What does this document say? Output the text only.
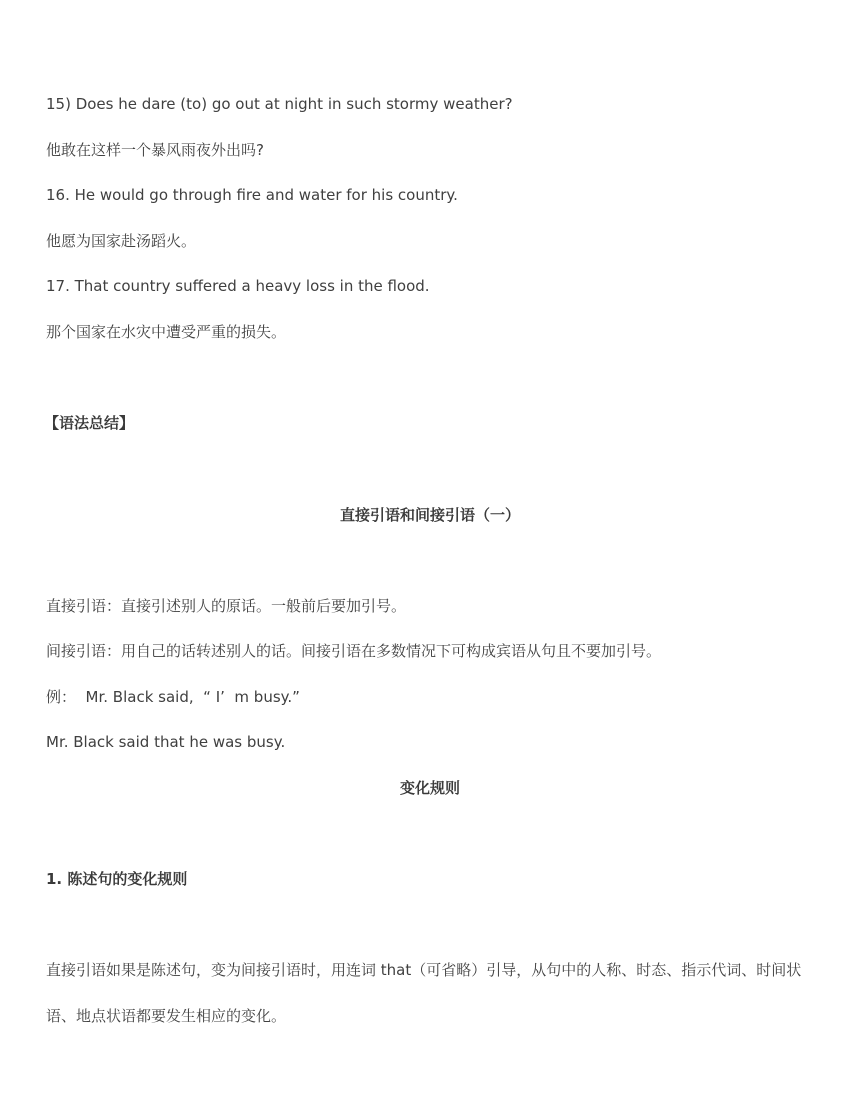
15) Does he dare (to) go out at night in such stormy weather?
他敢在这样一个暴风雨夜外出吗?
16. He would go through fire and water for his country.
他愿为国家赴汤蹈火。
17. That country suffered a heavy loss in the flood.
那个国家在水灾中遭受严重的损失。
【语法总结】
直接引语和间接引语（一）
直接引语：直接引述别人的原话。一般前后要加引号。
间接引语：用自己的话转述别人的话。间接引语在多数情况下可构成宾语从句且不要加引号。
例：  Mr. Black said,  “ I’  m busy.”
Mr. Black said that he was busy.
变化规则
1. 陈述句的变化规则
直接引语如果是陈述句，变为间接引语时，用连词 that（可省略）引导，从句中的人称、时态、指示代词、时间状语、地点状语都要发生相应的变化。
